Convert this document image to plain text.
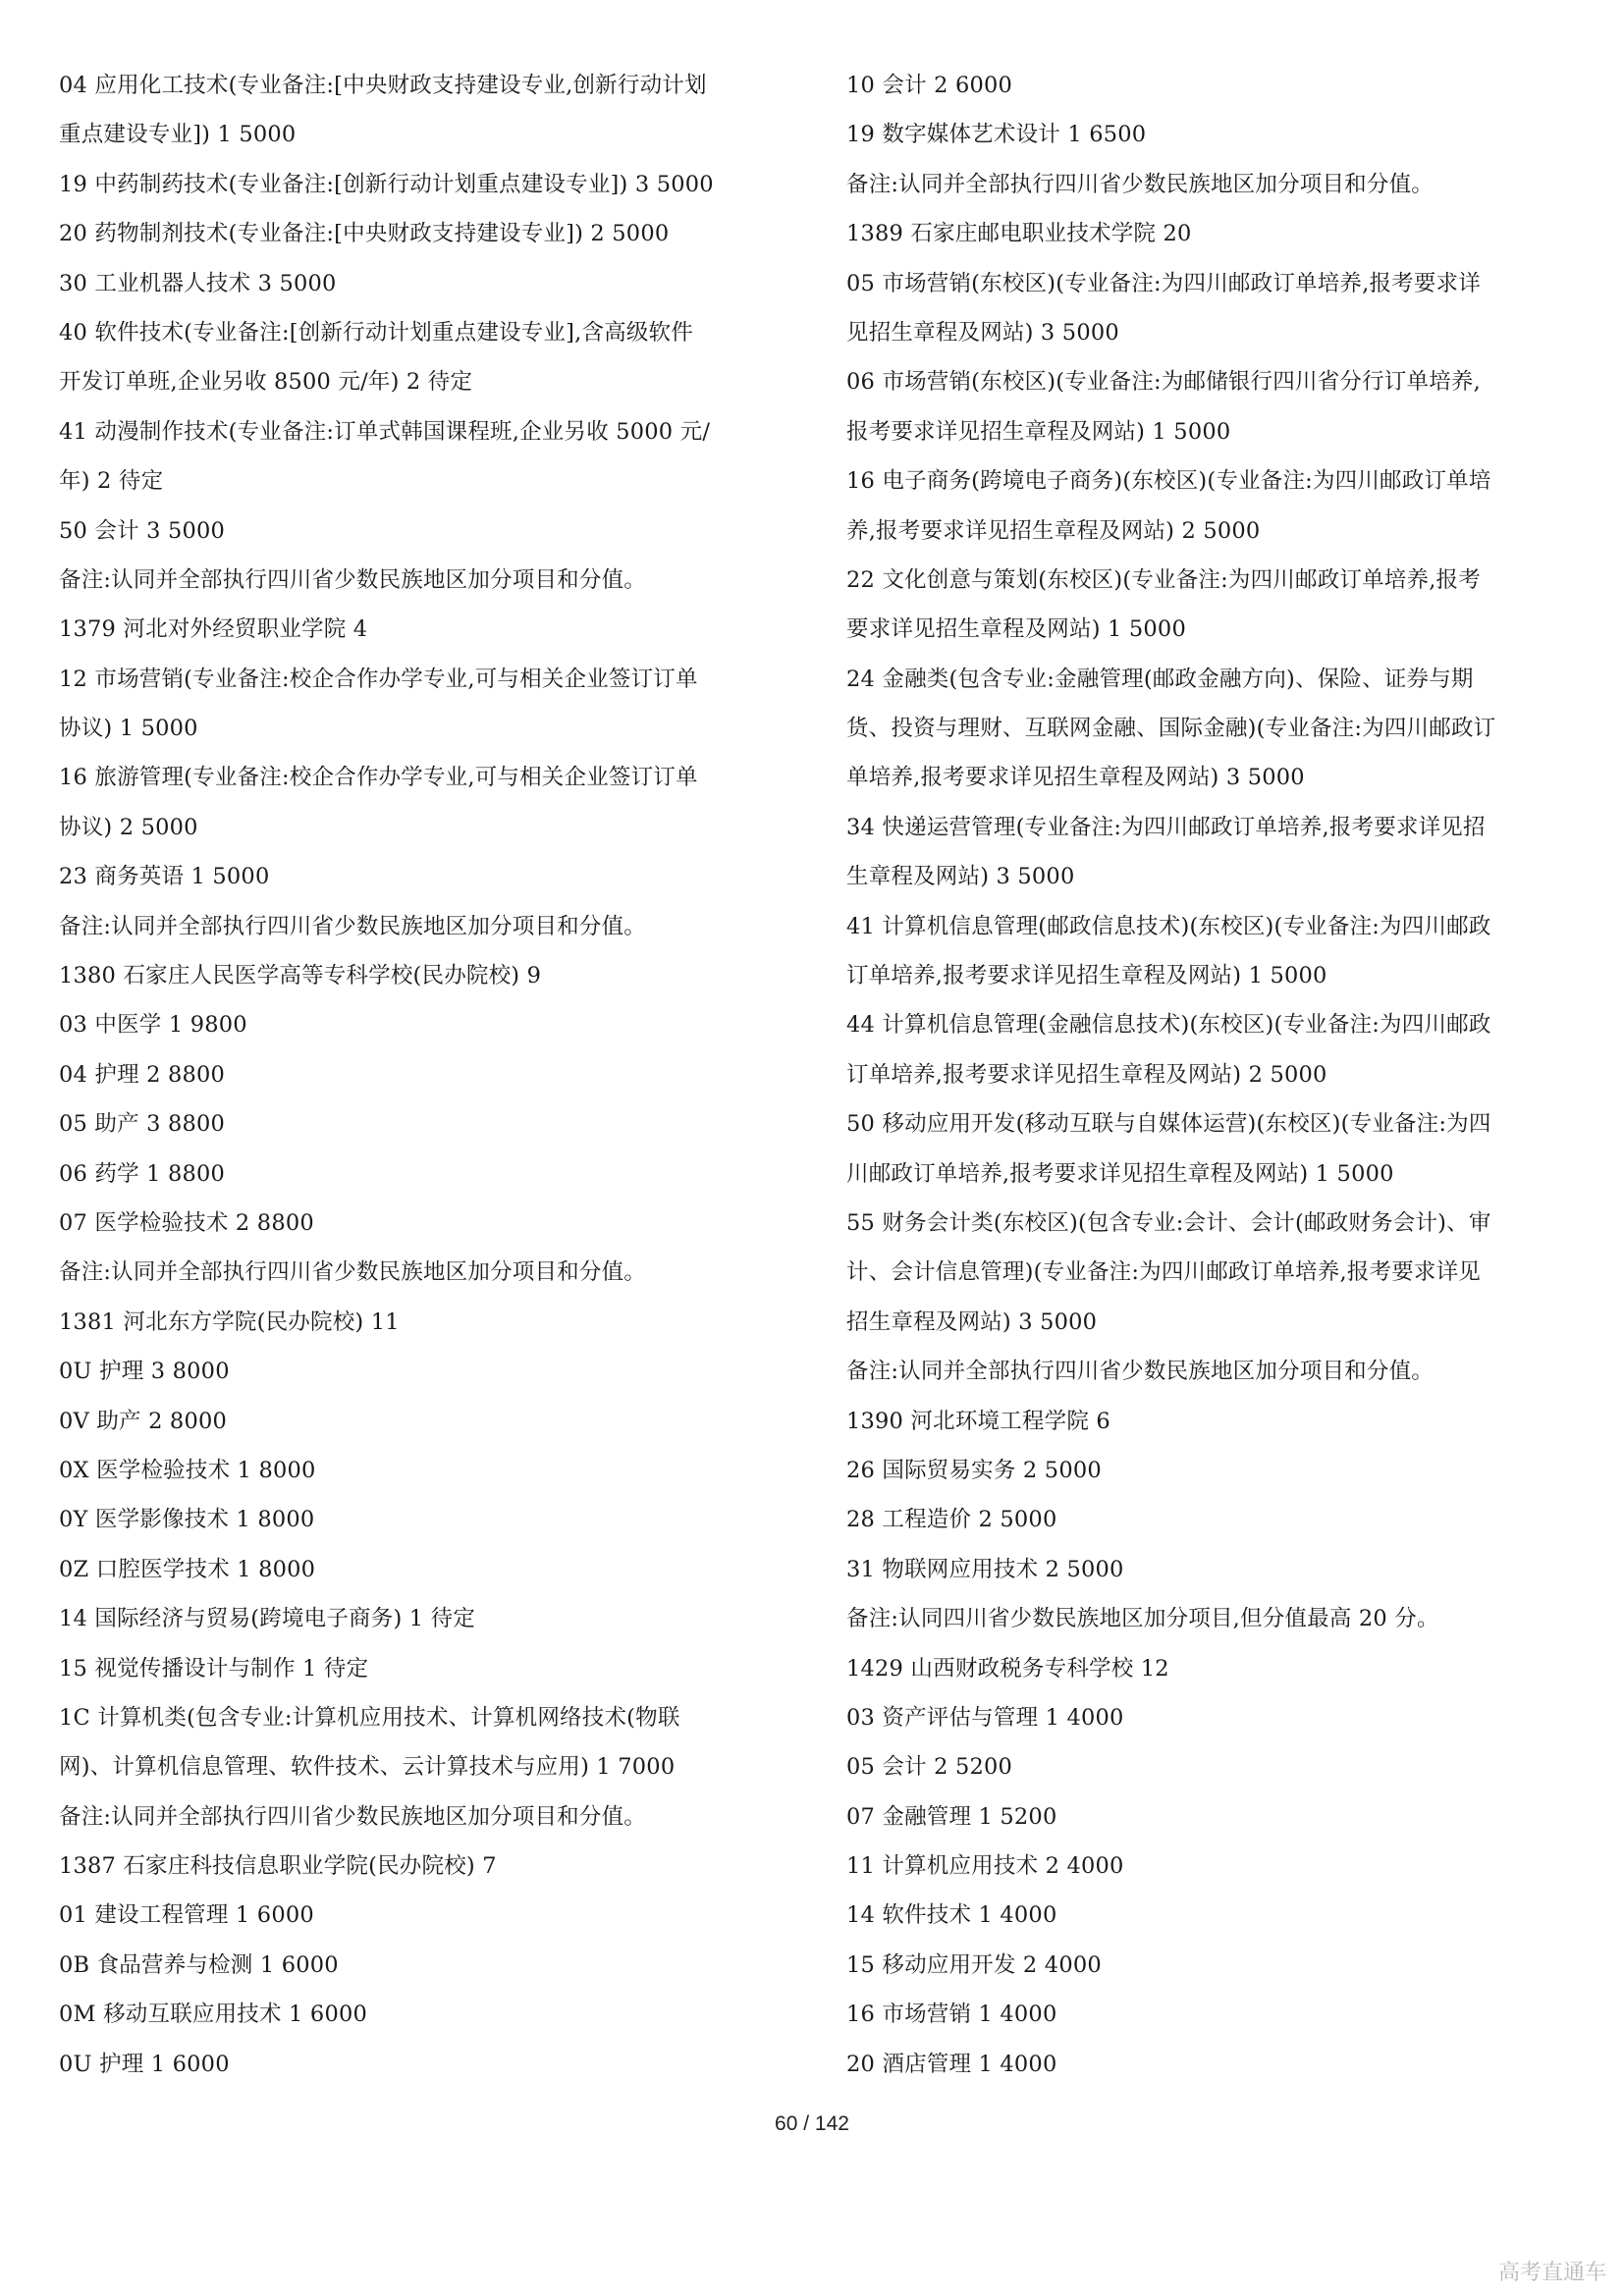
04 应用化工技术(专业备注:[中央财政支持建设专业,创新行动计划
重点建设专业]) 1 5000
19 中药制药技术(专业备注:[创新行动计划重点建设专业]) 3 5000
20 药物制剂技术(专业备注:[中央财政支持建设专业]) 2 5000
30 工业机器人技术 3 5000
40 软件技术(专业备注:[创新行动计划重点建设专业],含高级软件
开发订单班,企业另收 8500 元/年) 2 待定
41 动漫制作技术(专业备注:订单式韩国课程班,企业另收 5000 元/
年) 2 待定
50 会计 3 5000
备注:认同并全部执行四川省少数民族地区加分项目和分值。
1379 河北对外经贸职业学院 4
12 市场营销(专业备注:校企合作办学专业,可与相关企业签订订单
协议) 1 5000
16 旅游管理(专业备注:校企合作办学专业,可与相关企业签订订单
协议) 2 5000
23 商务英语 1 5000
备注:认同并全部执行四川省少数民族地区加分项目和分值。
1380 石家庄人民医学高等专科学校(民办院校) 9
03 中医学 1 9800
04 护理 2 8800
05 助产 3 8800
06 药学 1 8800
07 医学检验技术 2 8800
备注:认同并全部执行四川省少数民族地区加分项目和分值。
1381 河北东方学院(民办院校) 11
0U 护理 3 8000
0V 助产 2 8000
0X 医学检验技术 1 8000
0Y 医学影像技术 1 8000
0Z 口腔医学技术 1 8000
14 国际经济与贸易(跨境电子商务) 1 待定
15 视觉传播设计与制作 1 待定
1C 计算机类(包含专业:计算机应用技术、计算机网络技术(物联
网)、计算机信息管理、软件技术、云计算技术与应用) 1 7000
备注:认同并全部执行四川省少数民族地区加分项目和分值。
1387 石家庄科技信息职业学院(民办院校) 7
01 建设工程管理 1 6000
0B 食品营养与检测 1 6000
0M 移动互联应用技术 1 6000
0U 护理 1 6000
10 会计 2 6000
19 数字媒体艺术设计 1 6500
备注:认同并全部执行四川省少数民族地区加分项目和分值。
1389 石家庄邮电职业技术学院 20
05 市场营销(东校区)(专业备注:为四川邮政订单培养,报考要求详
见招生章程及网站) 3 5000
06 市场营销(东校区)(专业备注:为邮储银行四川省分行订单培养,
报考要求详见招生章程及网站) 1 5000
16 电子商务(跨境电子商务)(东校区)(专业备注:为四川邮政订单培
养,报考要求详见招生章程及网站) 2 5000
22 文化创意与策划(东校区)(专业备注:为四川邮政订单培养,报考
要求详见招生章程及网站) 1 5000
24 金融类(包含专业:金融管理(邮政金融方向)、保险、证券与期
货、投资与理财、互联网金融、国际金融)(专业备注:为四川邮政订
单培养,报考要求详见招生章程及网站) 3 5000
34 快递运营管理(专业备注:为四川邮政订单培养,报考要求详见招
生章程及网站) 3 5000
41 计算机信息管理(邮政信息技术)(东校区)(专业备注:为四川邮政
订单培养,报考要求详见招生章程及网站) 1 5000
44 计算机信息管理(金融信息技术)(东校区)(专业备注:为四川邮政
订单培养,报考要求详见招生章程及网站) 2 5000
50 移动应用开发(移动互联与自媒体运营)(东校区)(专业备注:为四
川邮政订单培养,报考要求详见招生章程及网站) 1 5000
55 财务会计类(东校区)(包含专业:会计、会计(邮政财务会计)、审
计、会计信息管理)(专业备注:为四川邮政订单培养,报考要求详见
招生章程及网站) 3 5000
备注:认同并全部执行四川省少数民族地区加分项目和分值。
1390 河北环境工程学院 6
26 国际贸易实务 2 5000
28 工程造价 2 5000
31 物联网应用技术 2 5000
备注:认同四川省少数民族地区加分项目,但分值最高 20 分。
1429 山西财政税务专科学校 12
03 资产评估与管理 1 4000
05 会计 2 5200
07 金融管理 1 5200
11 计算机应用技术 2 4000
14 软件技术 1 4000
15 移动应用开发 2 4000
16 市场营销 1 4000
20 酒店管理 1 4000
60 / 142
高考直通车
